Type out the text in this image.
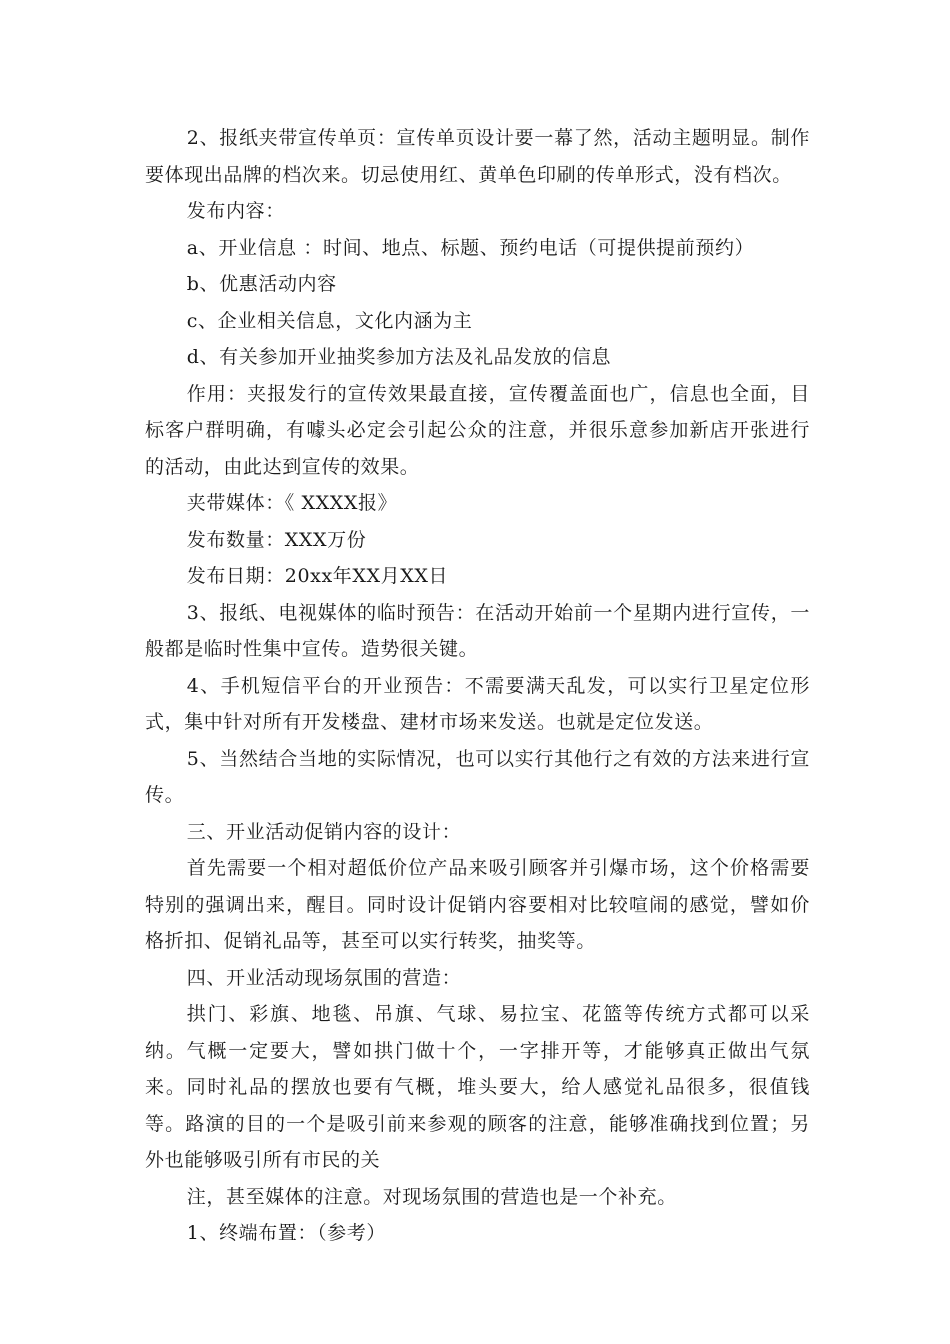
2、报纸夹带宣传单页：宣传单页设计要一幕了然，活动主题明显。制作要体现出品牌的档次来。切忌使用红、黄单色印刷的传单形式，没有档次。

发布内容：

a、开业信息 ：时间、地点、标题、预约电话（可提供提前预约）

b、优惠活动内容

c、企业相关信息，文化内涵为主

d、有关参加开业抽奖参加方法及礼品发放的信息

作用：夹报发行的宣传效果最直接，宣传覆盖面也广，信息也全面，目标客户群明确，有噱头必定会引起公众的注意，并很乐意参加新店开张进行的活动，由此达到宣传的效果。

夹带媒体：《 XXXX报》

发布数量：XXX万份

发布日期：20xx年XX月XX日

3、报纸、电视媒体的临时预告：在活动开始前一个星期内进行宣传，一般都是临时性集中宣传。造势很关键。

4、手机短信平台的开业预告：不需要满天乱发，可以实行卫星定位形式，集中针对所有开发楼盘、建材市场来发送。也就是定位发送。

5、当然结合当地的实际情况，也可以实行其他行之有效的方法来进行宣传。

三、开业活动促销内容的设计：

首先需要一个相对超低价位产品来吸引顾客并引爆市场，这个价格需要特别的强调出来，醒目。同时设计促销内容要相对比较喧闹的感觉，譬如价格折扣、促销礼品等，甚至可以实行转奖，抽奖等。

四、开业活动现场氛围的营造：

拱门、彩旗、地毯、吊旗、气球、易拉宝、花篮等传统方式都可以采纳。气概一定要大，譬如拱门做十个，一字排开等，才能够真正做出气氛来。同时礼品的摆放也要有气概，堆头要大，给人感觉礼品很多，很值钱等。路演的目的一个是吸引前来参观的顾客的注意，能够准确找到位置；另外也能够吸引所有市民的关

注，甚至媒体的注意。对现场氛围的营造也是一个补充。

1、终端布置：（参考）
